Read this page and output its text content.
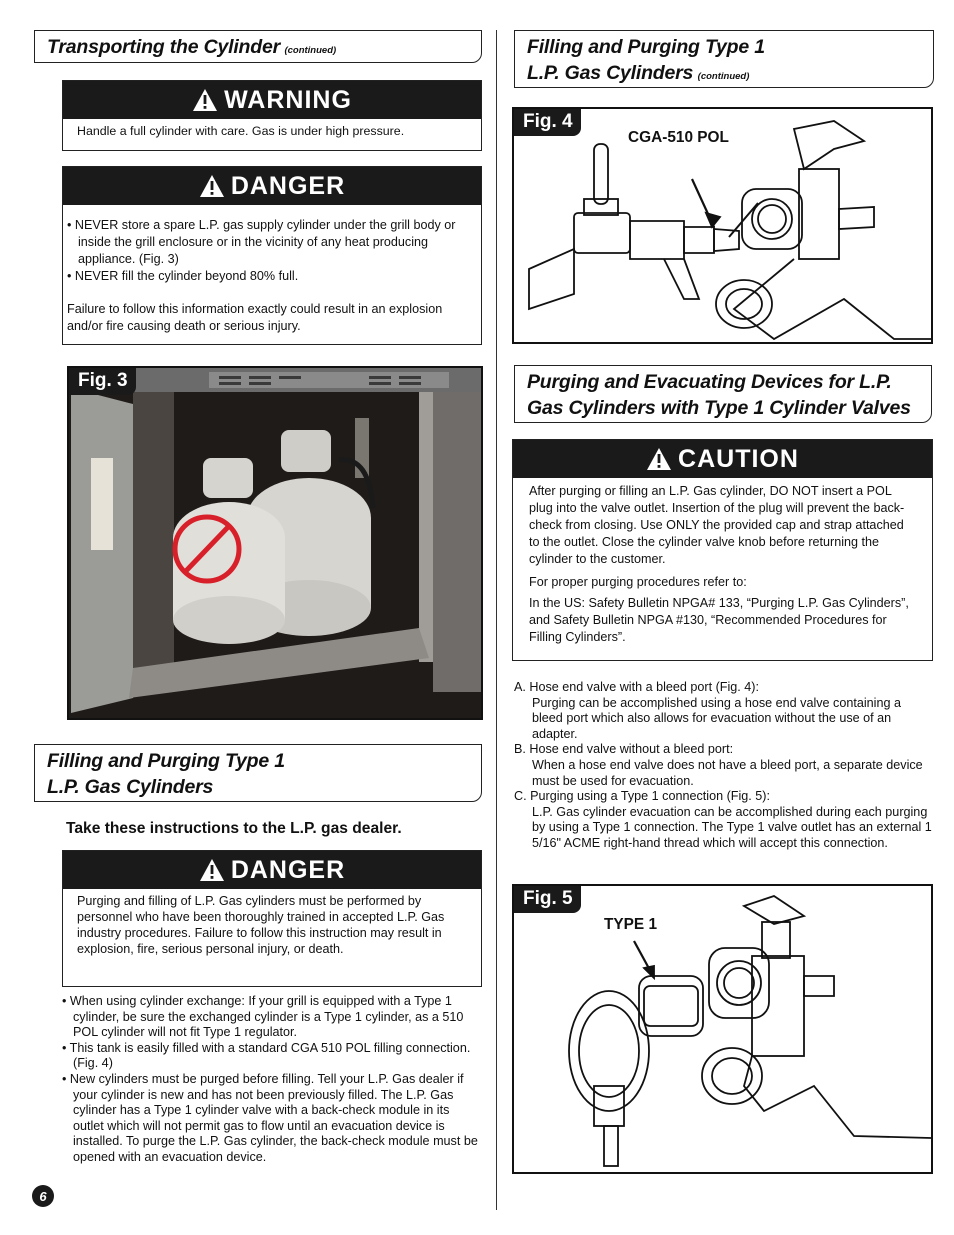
Transporting the Cylinder (continued)
WARNING
Handle a full cylinder with care. Gas is under high pressure.
DANGER
• NEVER store a spare L.P. gas supply cylinder under the grill body or inside the grill enclosure or in the vicinity of any heat producing appliance. (Fig. 3)
• NEVER fill the cylinder beyond 80% full.
Failure to follow this information exactly could result in an explosion and/or fire causing death or serious injury.
Fig. 3
Filling and Purging Type 1
L.P. Gas Cylinders
Take these instructions to the L.P. gas dealer.
DANGER
Purging and filling of L.P. Gas cylinders must be performed by personnel who have been thoroughly trained in accepted L.P. Gas industry procedures. Failure to follow this instruction may result in explosion, fire, serious personal injury, or death.
• When using cylinder exchange: If your grill is equipped with a Type 1 cylinder, be sure the exchanged cylinder is a Type 1 cylinder, as a 510 POL cylinder will not fit Type 1 regulator.
• This tank is easily filled with a standard CGA 510 POL filling connection. (Fig. 4)
• New cylinders must be purged before filling. Tell your L.P. Gas dealer if your cylinder is new and has not been previously filled. The L.P. Gas cylinder has a Type 1 cylinder valve with a back-check module in its outlet which will not permit gas to flow until an evacuation device is installed. To purge the L.P. Gas cylinder, the back-check module must be opened with an evacuation device.
6
Filling and Purging Type 1
L.P. Gas Cylinders (continued)
Fig. 4
CGA-510 POL
Purging and Evacuating Devices for L.P.
Gas Cylinders with Type 1 Cylinder Valves
CAUTION
After purging or filling an L.P. Gas cylinder, DO NOT insert a POL plug into the valve outlet. Insertion of the plug will prevent the back-check from closing. Use ONLY the provided cap and strap attached to the outlet. Close the cylinder valve knob before returning the cylinder to the customer.
For proper purging procedures refer to:
In the US: Safety Bulletin NPGA# 133, “Purging L.P. Gas Cylinders”, and Safety Bulletin NPGA #130, “Recommended Procedures for Filling Cylinders”.
A. Hose end valve with a bleed port (Fig. 4):
Purging can be accomplished using a hose end valve containing a bleed port which also allows for evacuation without the use of an adapter.
B. Hose end valve without a bleed port:
When a hose end valve does not have a bleed port, a separate device must be used for evacuation.
C. Purging using a Type 1 connection (Fig. 5):
L.P. Gas cylinder evacuation can be accomplished during each purging by using a Type 1 connection. The Type 1 valve outlet has an external 1 5/16" ACME right-hand thread which will accept this connection.
Fig. 5
TYPE 1
